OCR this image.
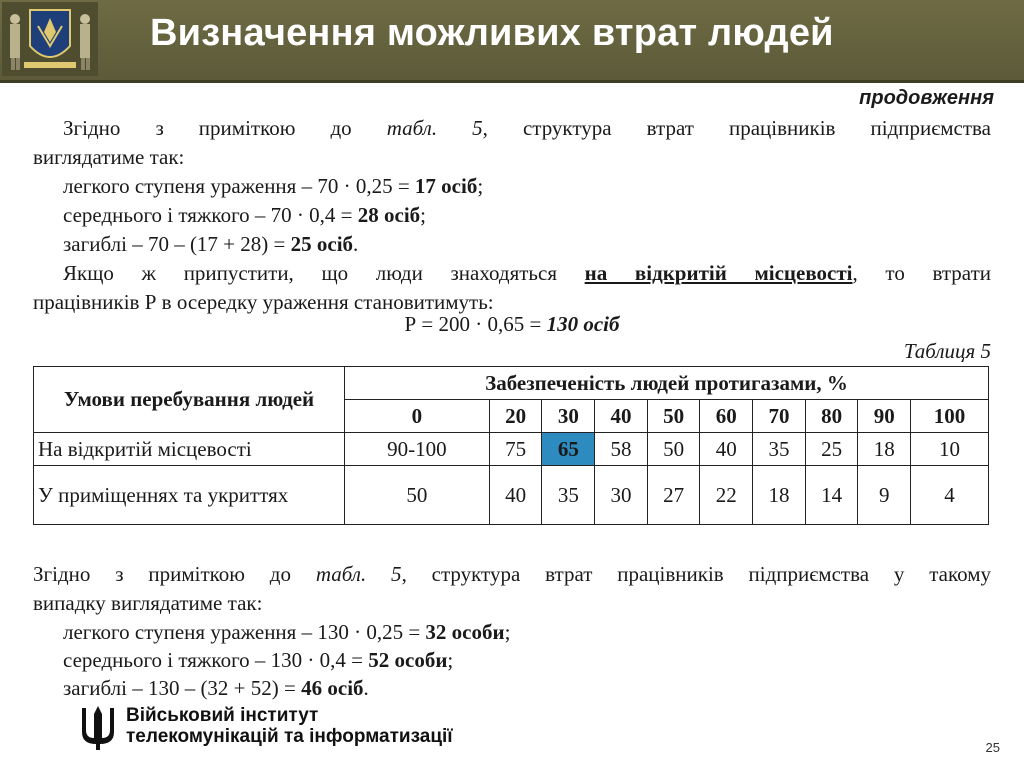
Визначення можливих втрат людей
продовження
Згідно з приміткою до табл. 5, структура втрат працівників підприємства
виглядатиме так:
легкого ступеня ураження – 70 · 0,25 = 17 осіб;
середнього і тяжкого – 70 · 0,4 = 28 осіб;
загиблі – 70 – (17 + 28) = 25 осіб.
Якщо ж припустити, що люди знаходяться на відкритій місцевості, то втрати
працівників Р в осередку ураження становитимуть:
Р = 200 · 0,65 = 130 осіб
Таблиця 5
Умови перебування людей	Забезпеченість людей протигазами, %									
	0	20	30	40	50	60	70	80	90	100
На відкритій місцевості	90-100	75	65	58	50	40	35	25	18	10
У приміщеннях та укриттях	50	40	35	30	27	22	18	14	9	4
Згідно з приміткою до табл. 5, структура втрат працівників підприємства у такому
випадку виглядатиме так:
легкого ступеня ураження – 130 · 0,25 = 32 особи;
середнього і тяжкого – 130 · 0,4 = 52 особи;
загиблі – 130 – (32 + 52) = 46 осіб.
Військовий інститут
телекомунікацій та інформатизації
25
